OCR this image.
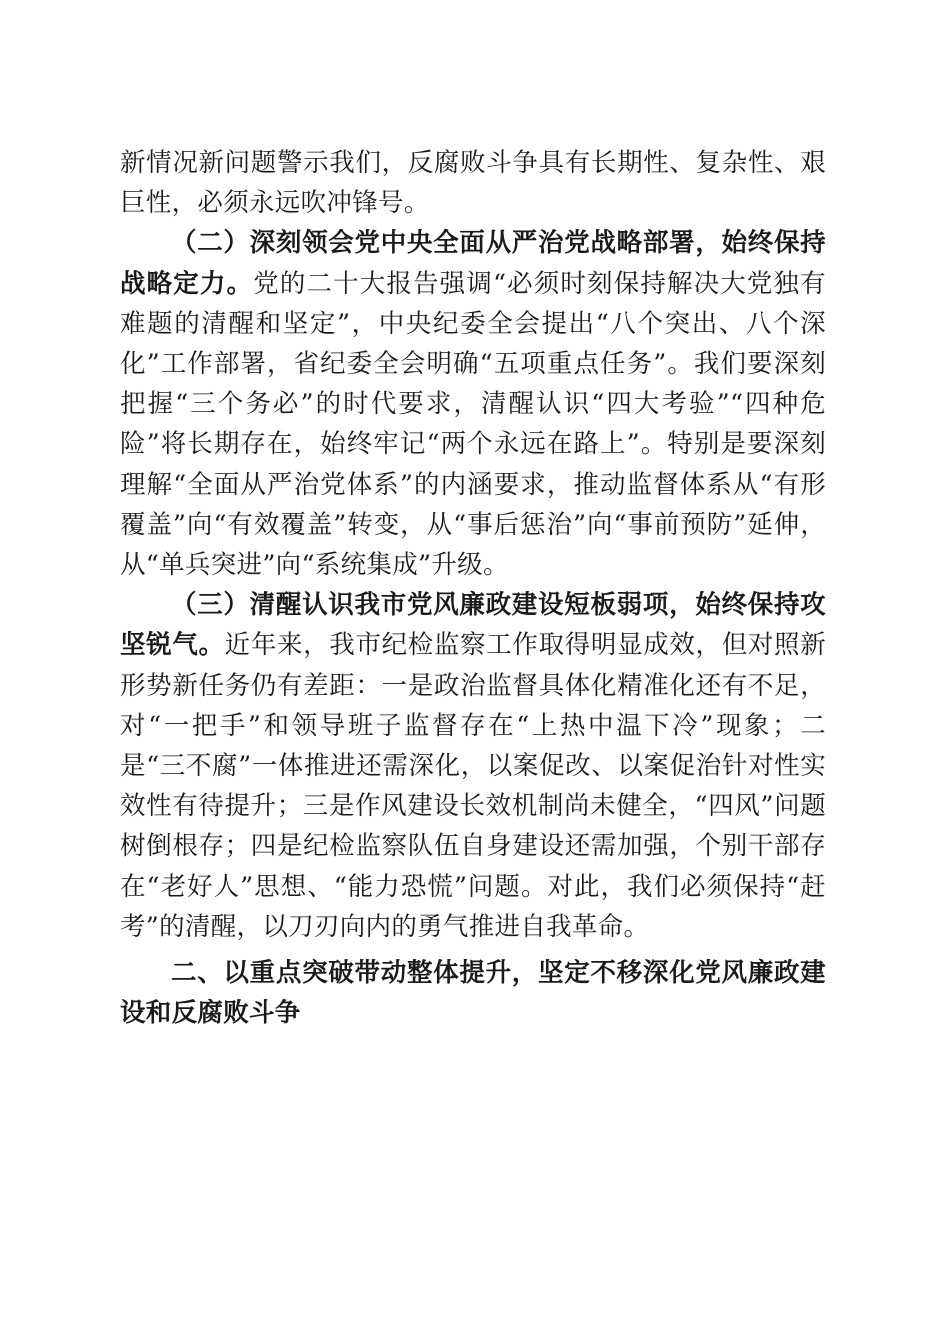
新情况新问题警示我们，反腐败斗争具有长期性、复杂性、艰巨性，必须永远吹冲锋号。

（二）深刻领会党中央全面从严治党战略部署，始终保持战略定力。党的二十大报告强调“必须时刻保持解决大党独有难题的清醒和坚定”，中央纪委全会提出“八个突出、八个深化”工作部署，省纪委全会明确“五项重点任务”。我们要深刻把握“三个务必”的时代要求，清醒认识“四大考验”“四种危险”将长期存在，始终牢记“两个永远在路上”。特别是要深刻理解“全面从严治党体系”的内涵要求，推动监督体系从“有形覆盖”向“有效覆盖”转变，从“事后惩治”向“事前预防”延伸，从“单兵突进”向“系统集成”升级。

（三）清醒认识我市党风廉政建设短板弱项，始终保持攻坚锐气。近年来，我市纪检监察工作取得明显成效，但对照新形势新任务仍有差距：一是政治监督具体化精准化还有不足，对“一把手”和领导班子监督存在“上热中温下冷”现象；二是“三不腐”一体推进还需深化，以案促改、以案促治针对性实效性有待提升；三是作风建设长效机制尚未健全，“四风”问题树倒根存；四是纪检监察队伍自身建设还需加强，个别干部存在“老好人”思想、“能力恐慌”问题。对此，我们必须保持“赶考”的清醒，以刀刃向内的勇气推进自我革命。

二、以重点突破带动整体提升，坚定不移深化党风廉政建设和反腐败斗争
